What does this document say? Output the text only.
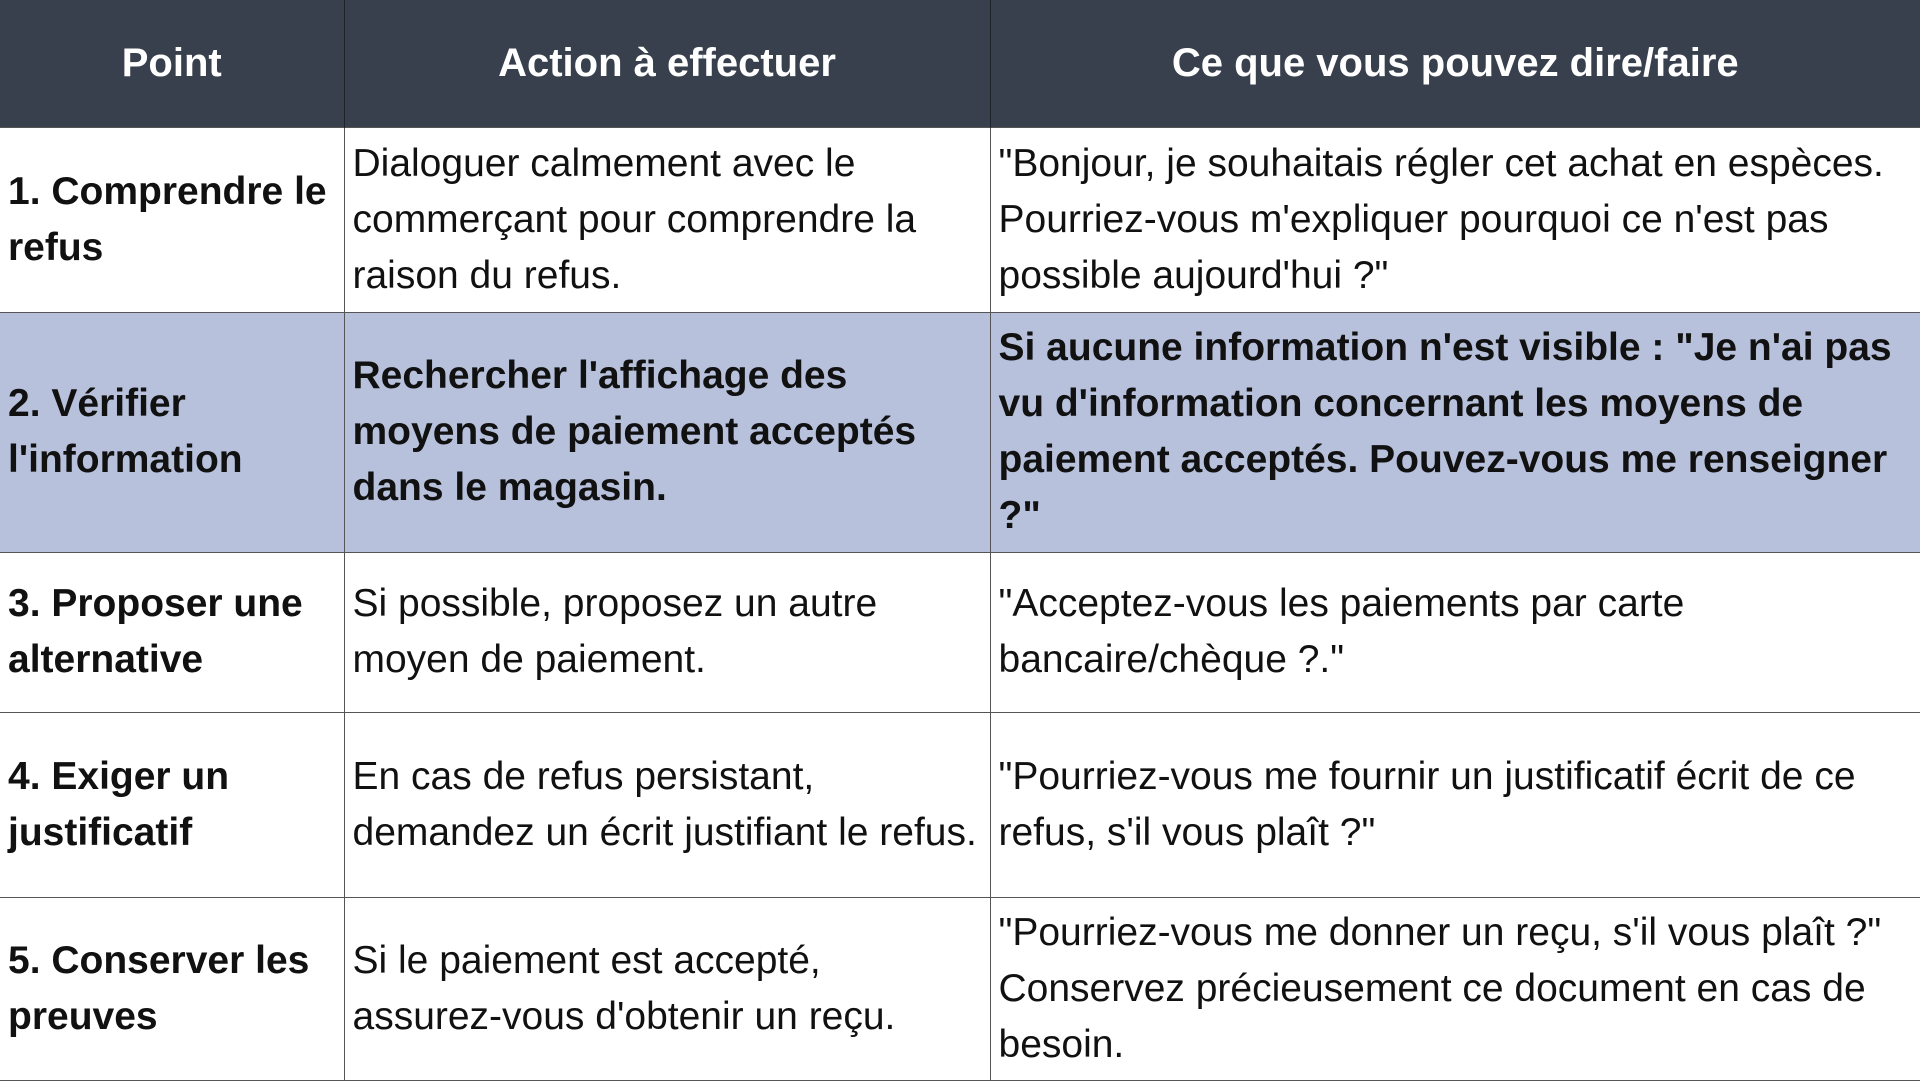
Point	Action à effectuer	Ce que vous pouvez dire/faire
1. Comprendre le refus	Dialoguer calmement avec le commerçant pour comprendre la raison du refus.	"Bonjour, je souhaitais régler cet achat en espèces. Pourriez-vous m'expliquer pourquoi ce n'est pas possible aujourd'hui ?"
2. Vérifier l'information	Rechercher l'affichage des moyens de paiement acceptés dans le magasin.	Si aucune information n'est visible : "Je n'ai pas vu d'information concernant les moyens de paiement acceptés. Pouvez-vous me renseigner ?"
3. Proposer une alternative	Si possible, proposez un autre moyen de paiement.	"Acceptez-vous les paiements par carte bancaire/chèque ?."
4. Exiger un justificatif	En cas de refus persistant, demandez un écrit justifiant le refus.	"Pourriez-vous me fournir un justificatif écrit de ce refus, s'il vous plaît ?"
5. Conserver les preuves	Si le paiement est accepté, assurez-vous d'obtenir un reçu.	"Pourriez-vous me donner un reçu, s'il vous plaît ?" Conservez précieusement ce document en cas de besoin.
